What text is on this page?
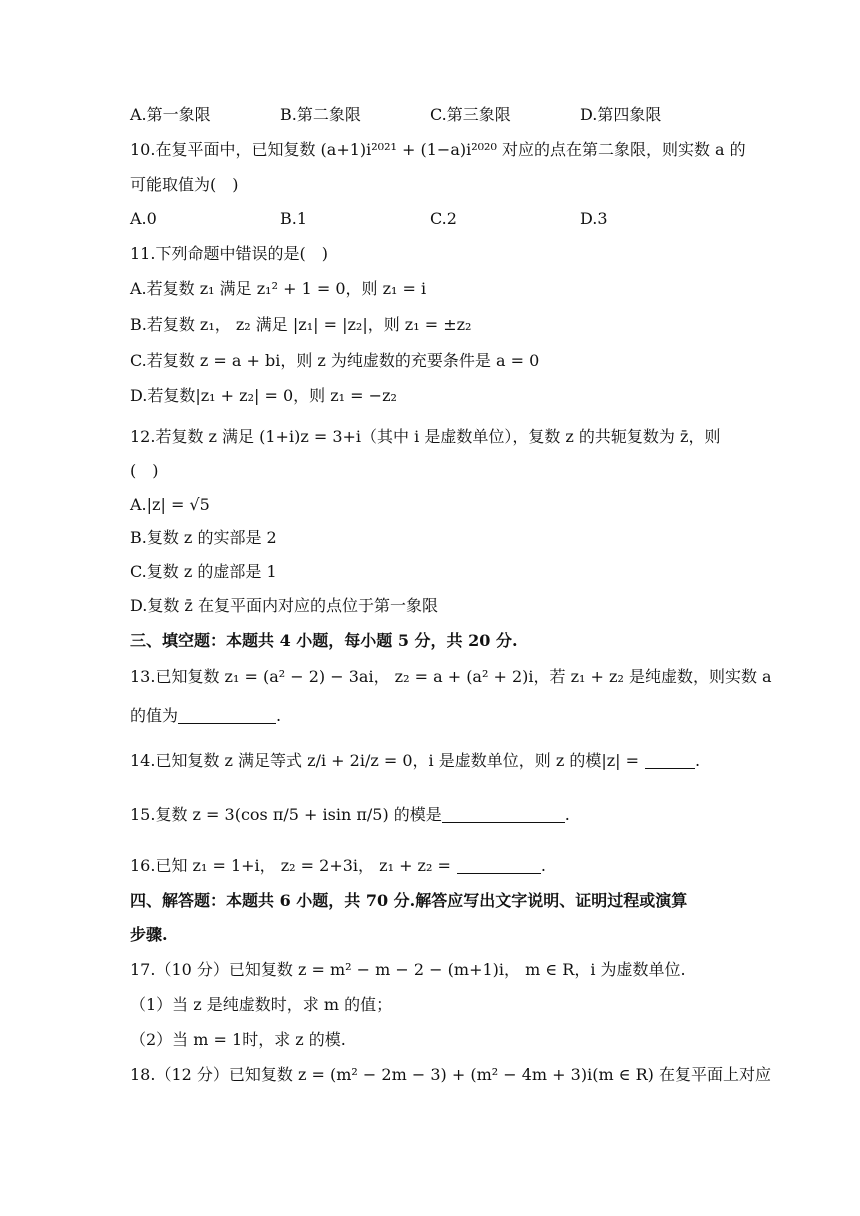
A.第一象限	B.第二象限	C.第三象限	D.第四象限
10.在复平面中，已知复数 (a+1)i²⁰²¹ + (1−a)i²⁰²⁰ 对应的点在第二象限，则实数 a 的
可能取值为(　)
A.0	B.1	C.2	D.3
11.下列命题中错误的是(　)
A.若复数 z₁ 满足 z₁² + 1 = 0，则 z₁ = i
B.若复数 z₁， z₂ 满足 |z₁| = |z₂|，则 z₁ = ±z₂
C.若复数 z = a + bi，则 z 为纯虚数的充要条件是 a = 0
D.若复数|z₁ + z₂| = 0，则 z₁ = −z₂
12.若复数 z 满足 (1+i)z = 3+i（其中 i 是虚数单位），复数 z 的共轭复数为 z̄，则
(　)
A.|z| = √5
B.复数 z 的实部是 2
C.复数 z 的虚部是 1
D.复数 z̄ 在复平面内对应的点位于第一象限
三、填空题：本题共 4 小题，每小题 5 分，共 20 分.
13.已知复数 z₁ = (a² − 2) − 3ai， z₂ = a + (a² + 2)i，若 z₁ + z₂ 是纯虚数，则实数 a
的值为	.
14.已知复数 z 满足等式 z/i + 2i/z = 0，i 是虚数单位，则 z 的模|z| =	.
15.复数 z = 3(cos π/5 + isin π/5) 的模是	.
16.已知 z₁ = 1+i， z₂ = 2+3i， z₁ + z₂ =	.
四、解答题：本题共 6 小题，共 70 分.解答应写出文字说明、证明过程或演算
步骤.
17.（10 分）已知复数 z = m² − m − 2 − (m+1)i， m ∈ R，i 为虚数单位.
（1）当 z 是纯虚数时，求 m 的值；
（2）当 m = 1时，求 z 的模.
18.（12 分）已知复数 z = (m² − 2m − 3) + (m² − 4m + 3)i(m ∈ R) 在复平面上对应
